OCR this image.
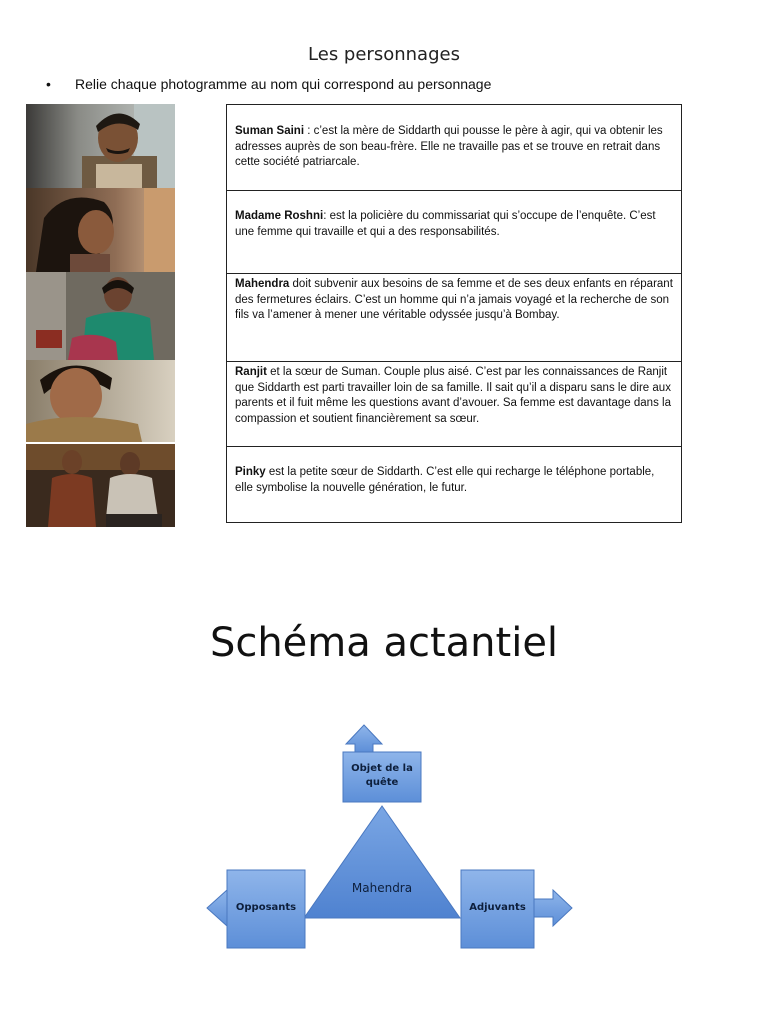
Les personnages
• Relie chaque photogramme au nom qui correspond au personnage
Suman Saini : c’est la mère de Siddarth qui pousse le père à agir, qui va obtenir les adresses auprès de son beau-frère. Elle ne travaille pas et se trouve en retrait dans cette société patriarcale.
Madame Roshni: est la policière du commissariat qui s’occupe de l’enquête. C’est une femme qui travaille et qui a des responsabilités.
Mahendra doit subvenir aux besoins de sa femme et de ses deux enfants en réparant des fermetures éclairs. C’est un homme qui n’a jamais voyagé et la recherche de son fils va l’amener à mener une véritable odyssée jusqu’à Bombay.
Ranjit et la sœur de Suman. Couple plus aisé. C’est par les connaissances de Ranjit que Siddarth est parti travailler loin de sa famille. Il sait qu’il a disparu sans le dire aux parents et il fuit même les questions avant d’avouer. Sa femme est davantage dans la compassion et soutient financièrement sa sœur.
Pinky est la petite sœur de Siddarth. C’est elle qui recharge le téléphone portable, elle symbolise la nouvelle génération, le futur.
Schéma actantiel
Objet de la quête
Mahendra
Opposants	Adjuvants
